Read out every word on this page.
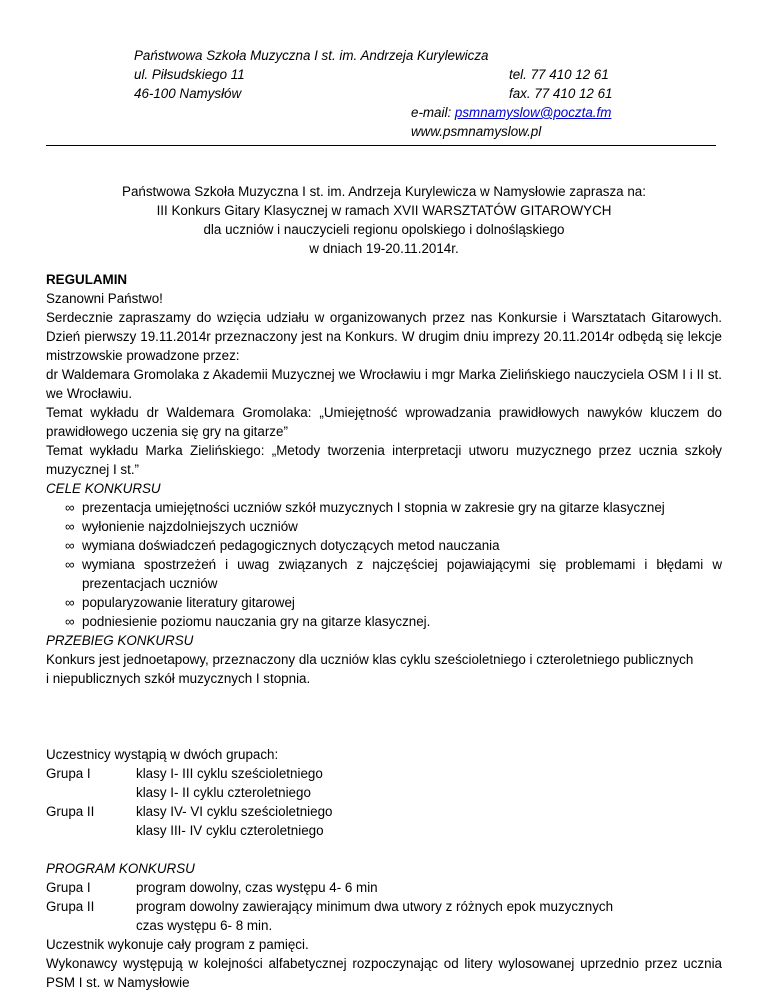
Państwowa Szkoła Muzyczna I st. im. Andrzeja Kurylewicza
ul. Piłsudskiego 11	tel. 77 410 12 61
46-100 Namysłów	fax. 77 410 12 61
e-mail: psmnamyslow@poczta.fm
www.psmnamyslow.pl
Państwowa Szkoła Muzyczna I st. im. Andrzeja Kurylewicza w Namysłowie zaprasza na:
III Konkurs Gitary Klasycznej w ramach XVII WARSZTATÓW GITAROWYCH
dla uczniów i nauczycieli regionu opolskiego i dolnośląskiego
w dniach 19-20.11.2014r.

REGULAMIN

Szanowni Państwo!

Serdecznie zapraszamy do wzięcia udziału w organizowanych przez nas Konkursie i Warsztatach Gitarowych. Dzień pierwszy 19.11.2014r przeznaczony jest na Konkurs. W drugim dniu imprezy 20.11.2014r odbędą się lekcje mistrzowskie prowadzone przez:

dr Waldemara Gromolaka z Akademii Muzycznej we Wrocławiu i mgr Marka Zielińskiego nauczyciela OSM I i II st. we Wrocławiu.

Temat wykładu dr Waldemara Gromolaka: „Umiejętność wprowadzania prawidłowych nawyków kluczem do prawidłowego uczenia się gry na gitarze”

Temat wykładu Marka Zielińskiego: „Metody tworzenia interpretacji utworu muzycznego przez ucznia szkoły muzycznej I st.”

CELE KONKURSU

∞ prezentacja umiejętności uczniów szkół muzycznych I stopnia w zakresie gry na gitarze klasycznej
∞ wyłonienie najzdolniejszych uczniów
∞ wymiana doświadczeń pedagogicznych dotyczących metod nauczania
∞ wymiana spostrzeżeń i uwag związanych z najczęściej pojawiającymi się problemami i błędami w prezentacjach uczniów
∞ popularyzowanie literatury gitarowej
∞ podniesienie poziomu nauczania gry na gitarze klasycznej.

PRZEBIEG KONKURSU

Konkurs jest jednoetapowy, przeznaczony dla uczniów klas cyklu sześcioletniego i czteroletniego publicznych

i niepublicznych szkół muzycznych I stopnia.

Uczestnicy wystąpią w dwóch grupach:

Grupa I	klasy I- III cyklu sześcioletniego
klasy I- II cyklu czteroletniego
Grupa II	klasy IV- VI cyklu sześcioletniego
klasy III- IV cyklu czteroletniego

PROGRAM KONKURSU

Grupa I	program dowolny, czas występu 4- 6 min
Grupa II	program dowolny zawierający minimum dwa utwory z różnych epok muzycznych
czas występu 6- 8 min.

Uczestnik wykonuje cały program z pamięci.

Wykonawcy występują w kolejności alfabetycznej rozpoczynając od litery wylosowanej uprzednio przez ucznia PSM I st. w Namysłowie
